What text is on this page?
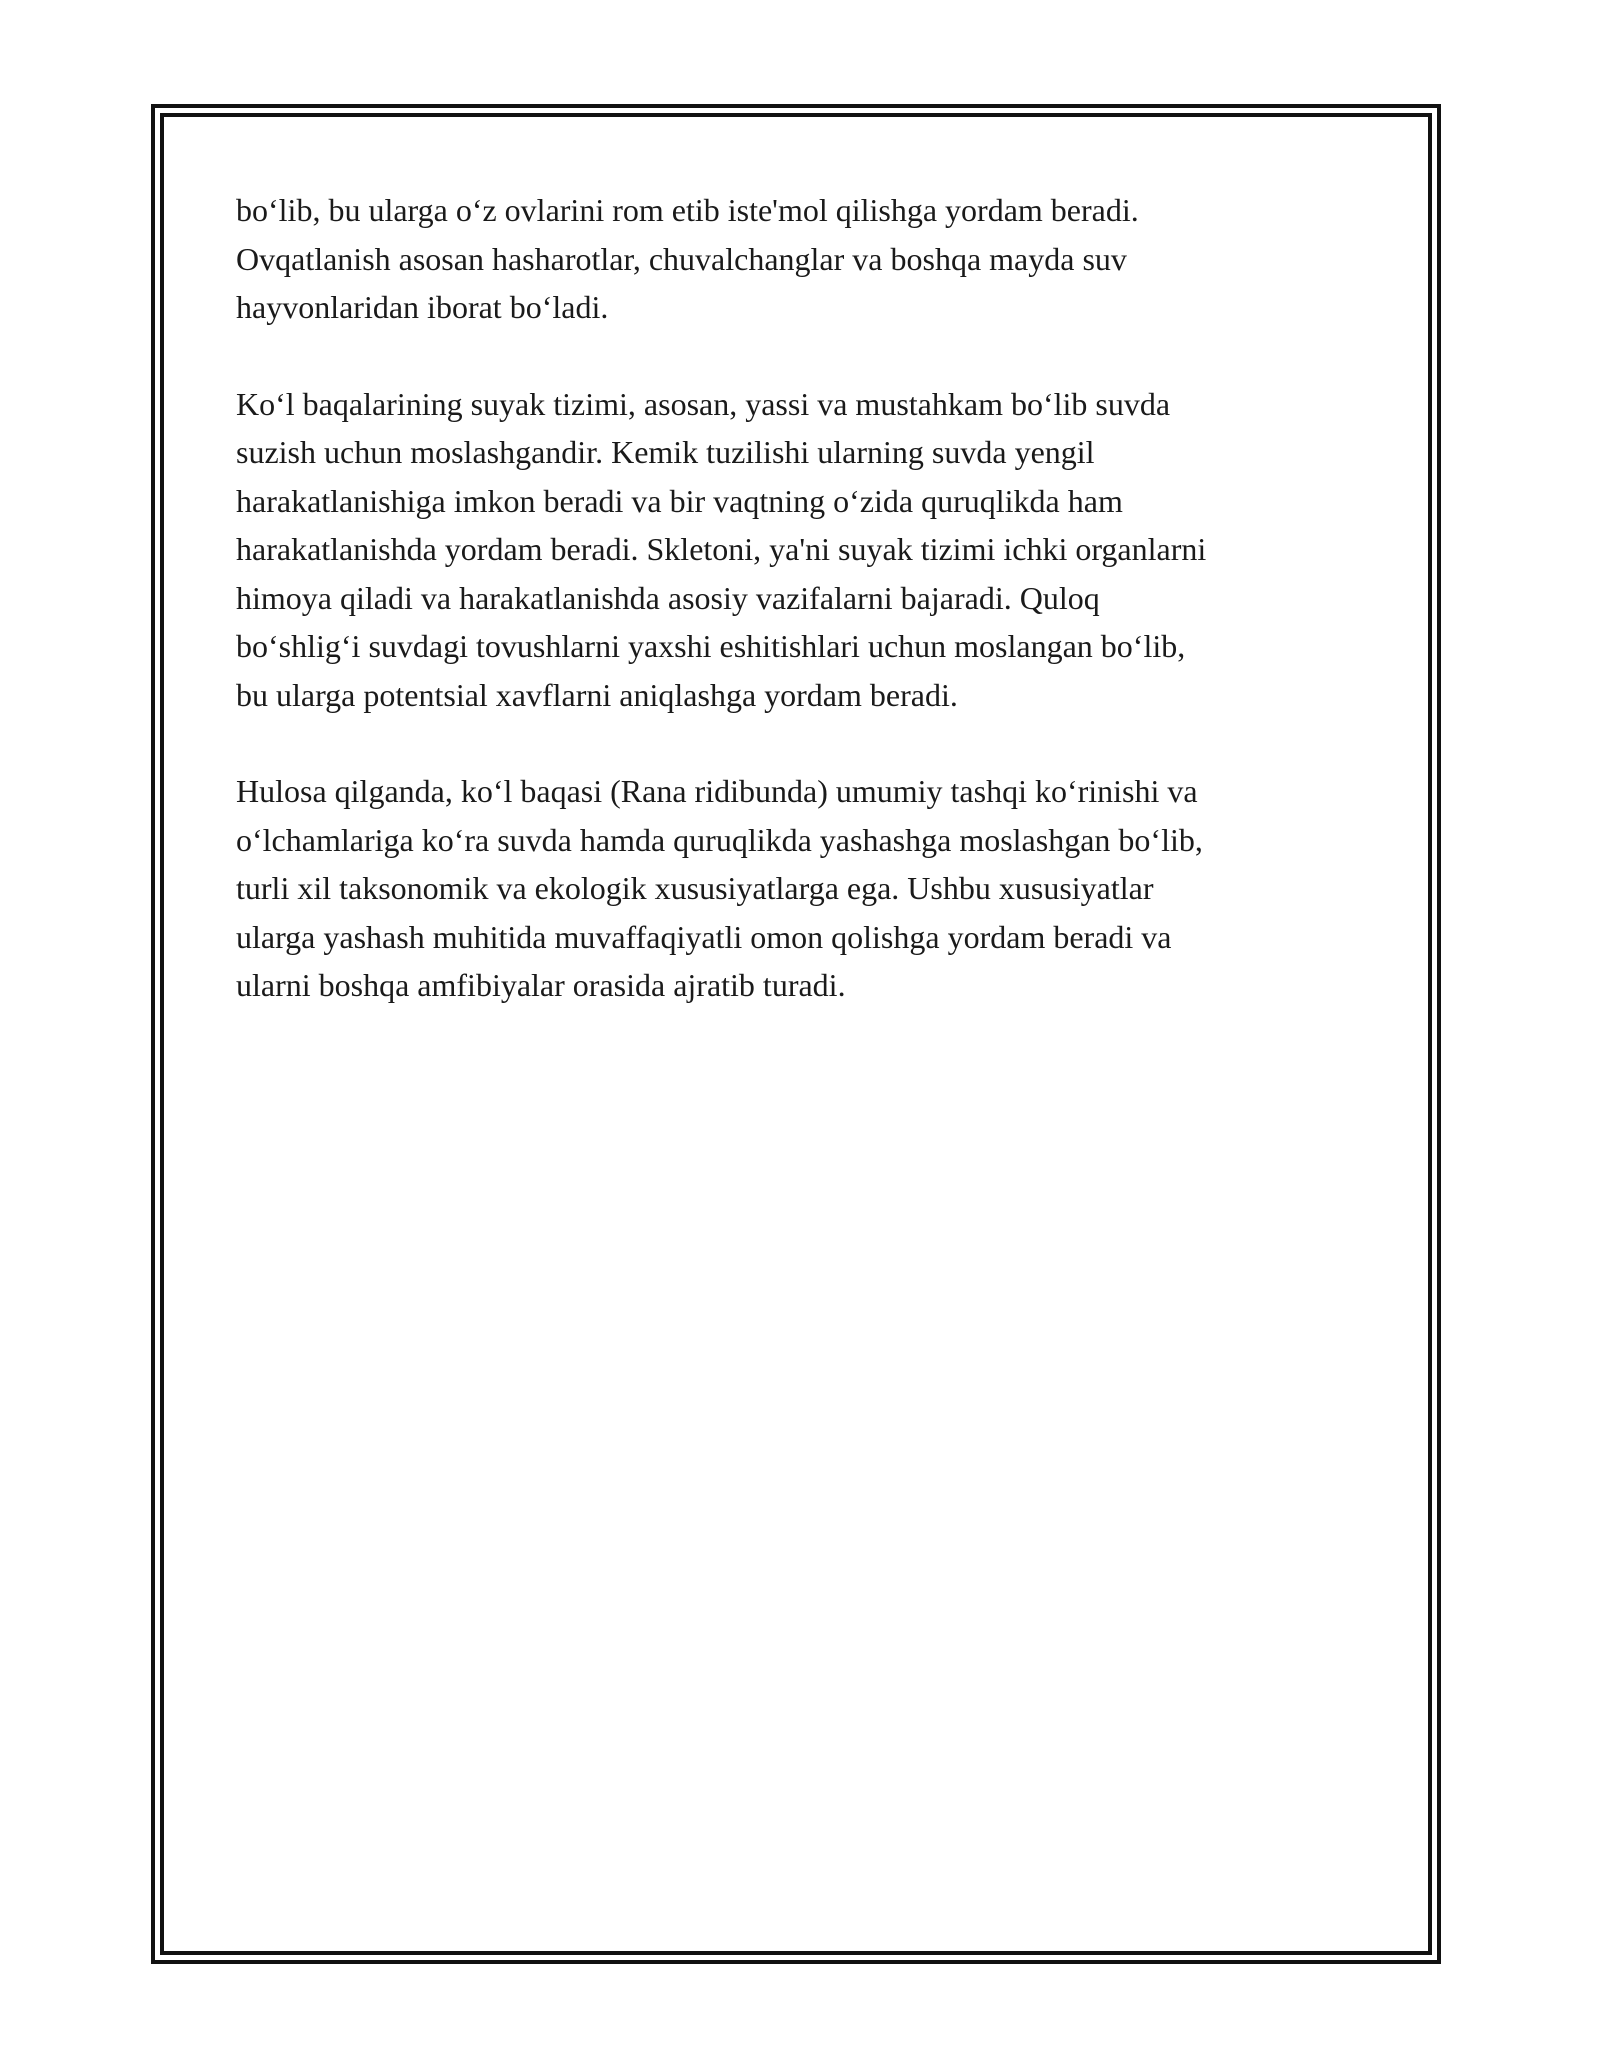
bo‘lib, bu ularga o‘z ovlarini rom etib iste'mol qilishga yordam beradi.
Ovqatlanish asosan hasharotlar, chuvalchanglar va boshqa mayda suv
hayvonlaridan iborat bo‘ladi.

Ko‘l baqalarining suyak tizimi, asosan, yassi va mustahkam bo‘lib suvda
suzish uchun moslashgandir. Kemik tuzilishi ularning suvda yengil
harakatlanishiga imkon beradi va bir vaqtning o‘zida quruqlikda ham
harakatlanishda yordam beradi. Skletoni, ya'ni suyak tizimi ichki organlarni
himoya qiladi va harakatlanishda asosiy vazifalarni bajaradi. Quloq
bo‘shlig‘i suvdagi tovushlarni yaxshi eshitishlari uchun moslangan bo‘lib,
bu ularga potentsial xavflarni aniqlashga yordam beradi.

Hulosa qilganda, ko‘l baqasi (Rana ridibunda) umumiy tashqi ko‘rinishi va
o‘lchamlariga ko‘ra suvda hamda quruqlikda yashashga moslashgan bo‘lib,
turli xil taksonomik va ekologik xususiyatlarga ega. Ushbu xususiyatlar
ularga yashash muhitida muvaffaqiyatli omon qolishga yordam beradi va
ularni boshqa amfibiyalar orasida ajratib turadi.
